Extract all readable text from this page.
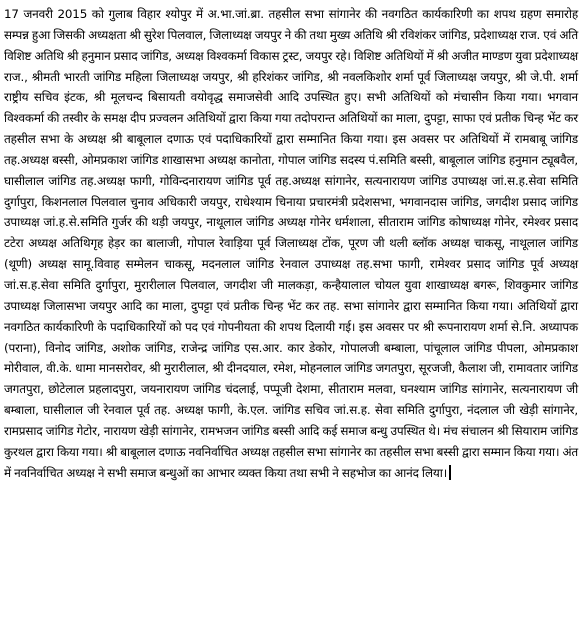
17 जनवरी 2015 को गुलाब विहार श्योपुर में अ.भा.जां.ब्रा. तहसील सभा सांगानेर की नवगठित कार्यकारिणी का शपथ ग्रहण समारोह सम्पन्न हुआ जिसकी अध्यक्षता श्री सुरेश पिलवाल, जिलाध्यक्ष जयपुर ने की तथा मुख्य अतिथि श्री रविशंकर जांगिड, प्रदेशाध्यक्ष राज. एवं अति विशिष्ट अतिथि श्री हनुमान प्रसाद जांगिड, अध्यक्ष विश्वकर्मा विकास ट्रस्ट, जयपुर रहे। विशिष्ट अतिथियों में श्री अजीत माण्डण युवा प्रदेशाध्यक्ष राज., श्रीमती भारती जांगिड महिला जिलाध्यक्ष जयपुर, श्री हरिशंकर जांगिड, श्री नवलकिशोर शर्मा पूर्व जिलाध्यक्ष जयपुर, श्री जे.पी. शर्मा राष्ट्रीय सचिव इंटक, श्री मूलचन्द बिसायती वयोवृद्ध समाजसेवी आदि उपस्थित हुए। सभी अतिथियों को मंचासीन किया गया। भगवान विश्वकर्मा की तस्वीर के समक्ष दीप प्रज्वलन अतिथियों द्वारा किया गया तदोपरान्त अतिथियों का माला, दुपट्टा, साफा एवं प्रतीक चिन्ह भेंट कर तहसील सभा के अध्यक्ष श्री बाबूलाल दणाऊ एवं पदाधिकारियों द्वारा सम्मानित किया गया। इस अवसर पर अतिथियों में रामबाबू जांगिड तह.अध्यक्ष बस्सी, ओमप्रकाश जांगिड शाखासभा अध्यक्ष कानोता, गोपाल जांगिड सदस्य पं.समिति बस्सी, बाबूलाल जांगिड हनुमान ट्यूबवैल, घासीलाल जांगिड तह.अध्यक्ष फागी, गोविन्दनारायण जांगिड पूर्व तह.अध्यक्ष सांगानेर, सत्यनारायण जांगिड उपाध्यक्ष जां.स.ह.सेवा समिति दुर्गापुरा, किशनलाल पिलवाल चुनाव अधिकारी जयपुर, राधेश्याम चिनाया प्रचारमंत्री प्रदेशसभा, भगवानदास जांगिड, जगदीश प्रसाद जांगिड उपाध्यक्ष जां.ह.से.समिति गुर्जर की थड़ी जयपुर, नाथूलाल जांगिड अध्यक्ष गोनेर धर्मशाला, सीताराम जांगिड कोषाध्यक्ष गोनेर, रमेश्वर प्रसाद टटेरा अध्यक्ष अतिथिगृह हेड़र का बालाजी, गोपाल रेवाड़िया पूर्व जिलाध्यक्ष टोंक, पूरण जी थली ब्लॉक अध्यक्ष चाकसू, नाथूलाल जांगिड (थूणी) अध्यक्ष सामू.विवाह सम्मेलन चाकसू, मदनलाल जांगिड रेनवाल उपाध्यक्ष तह.सभा फागी, रामेश्वर प्रसाद जांगिड पूर्व अध्यक्ष जां.स.ह.सेवा समिति दुर्गापुरा, मुरारीलाल पिलवाल, जगदीश जी मालकड़ा, कन्हैयालाल चोयल युवा शाखाध्यक्ष बगरू, शिवकुमार जांगिड उपाध्यक्ष जिलासभा जयपुर आदि का माला, दुपट्टा एवं प्रतीक चिन्ह भेंट कर तह. सभा सांगानेर द्वारा सम्मानित किया गया। अतिथियों द्वारा नवगठित कार्यकारिणी के पदाधिकारियों को पद एवं गोपनीयता की शपथ दिलायी गई। इस अवसर पर श्री रूपनारायण शर्मा से.नि. अध्यापक (पराना), विनोद जांगिड, अशोक जांगिड, राजेन्द्र जांगिड एस.आर. कार डेकोर, गोपालजी बम्बाला, पांचूलाल जांगिड पीपला, ओमप्रकाश मोरीवाल, वी.के. धामा मानसरोवर, श्री मुरारीलाल, श्री दीनदयाल, रमेश, मोहनलाल जांगिड जगतपुरा, सूरजजी, कैलाश जी, रामावतार जांगिड जगतपुरा, छोटेलाल प्रहलादपुरा, जयनारायण जांगिड चंदलाई, पप्पूजी देशमा, सीताराम मलवा, घनश्याम जांगिड सांगानेर, सत्यनारायण जी बम्बाला, घासीलाल जी रेनवाल पूर्व तह. अध्यक्ष फागी, के.एल. जांगिड सचिव जां.स.ह. सेवा समिति दुर्गापुरा, नंदलाल जी खेड़ी सांगानेर, रामप्रसाद जांगिड गेटोर, नारायण खेड़ी सांगानेर, रामभजन जांगिड बस्सी आदि कई समाज बन्धु उपस्थित थे। मंच संचालन श्री सियाराम जांगिड कुरथल द्वारा किया गया। श्री बाबूलाल दणाऊ नवनिर्वाचित अध्यक्ष तहसील सभा सांगानेर का तहसील सभा बस्सी द्वारा सम्मान किया गया। अंत में नवनिर्वाचित अध्यक्ष ने सभी समाज बन्धुओं का आभार व्यक्त किया तथा सभी ने सहभोज का आनंद लिया।
